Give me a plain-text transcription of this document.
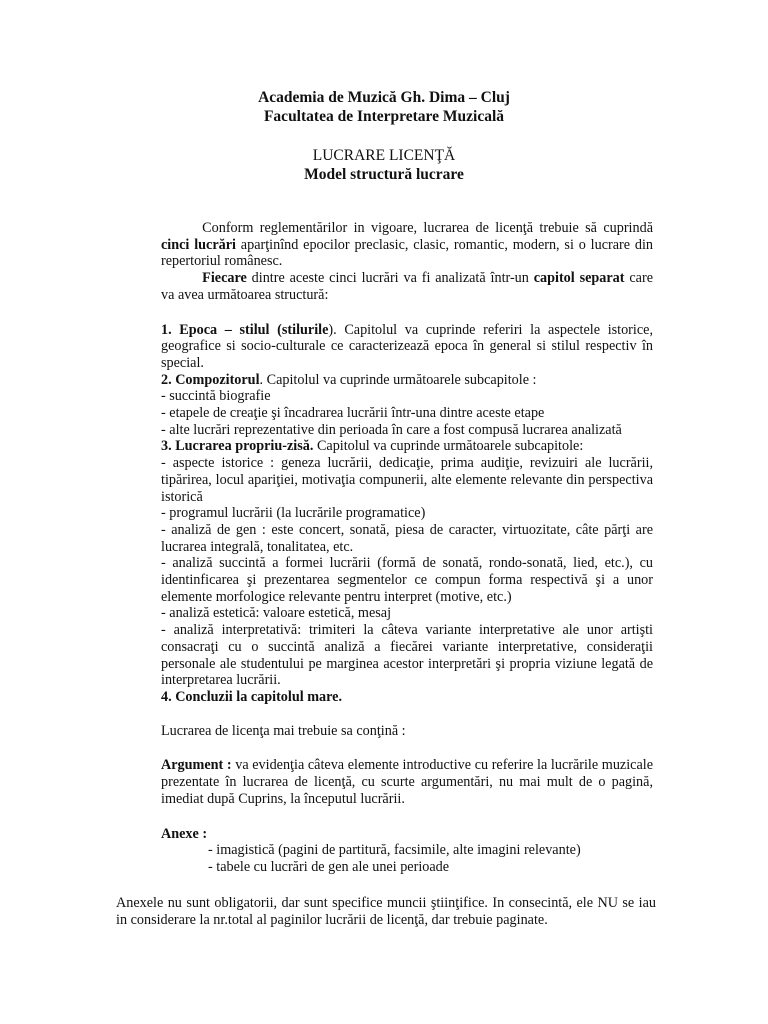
Academia de Muzică Gh. Dima – Cluj
Facultatea de Interpretare Muzicală
LUCRARE LICENŢĂ
Model structură lucrare

Conform reglementărilor in vigoare, lucrarea de licenţă trebuie să cuprindă cinci lucrări aparţinînd epocilor preclasic, clasic, romantic, modern, si o lucrare din repertoriul românesc.

Fiecare dintre aceste cinci lucrări va fi analizată într-un capitol separat care va avea următoarea structură:

1. Epoca – stilul (stilurile). Capitolul va cuprinde referiri la aspectele istorice, geografice si socio-culturale ce caracterizează epoca în general si stilul respectiv în special.

2. Compozitorul. Capitolul va cuprinde următoarele subcapitole :

- succintă biografie

- etapele de creaţie şi încadrarea lucrării într-una dintre aceste etape

- alte lucrări reprezentative din perioada în care a fost compusă lucrarea analizată

3. Lucrarea propriu-zisă. Capitolul va cuprinde următoarele subcapitole:

- aspecte istorice : geneza lucrării, dedicaţie, prima audiţie, revizuiri ale lucrării, tipărirea, locul apariţiei, motivaţia compunerii, alte elemente relevante din perspectiva istorică

- programul lucrării (la lucrările programatice)

- analiză de gen : este concert, sonată, piesa de caracter, virtuozitate, câte părţi are lucrarea integrală, tonalitatea, etc.

- analiză succintă a formei lucrării (formă de sonată, rondo-sonată, lied, etc.), cu identinficarea şi prezentarea segmentelor ce compun forma respectivă şi a unor elemente morfologice relevante pentru interpret (motive, etc.)

- analiză estetică: valoare estetică, mesaj

- analiză interpretativă: trimiteri la câteva variante interpretative ale unor artişti consacraţi cu o succintă analiză a fiecărei variante interpretative, consideraţii personale ale studentului pe marginea acestor interpretări şi propria viziune legată de interpretarea lucrării.

4. Concluzii la capitolul mare.

Lucrarea de licenţa mai trebuie sa conţină :

Argument : va evidenţia câteva elemente introductive cu referire la lucrările muzicale prezentate în lucrarea de licenţă, cu scurte argumentări, nu mai mult de o pagină, imediat după Cuprins, la începutul lucrării.

Anexe :

- imagistică (pagini de partitură, facsimile, alte imagini relevante)

- tabele cu lucrări de gen ale unei perioade

Anexele nu sunt obligatorii, dar sunt specifice muncii ştiinţifice. In consecintă, ele NU se iau in considerare la nr.total al paginilor lucrării de licenţă, dar trebuie paginate.
